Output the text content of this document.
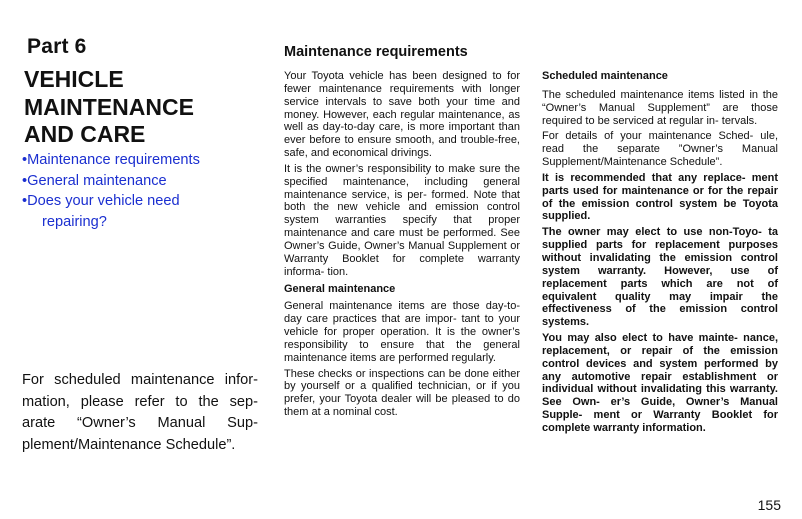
Part 6
VEHICLE
MAINTENANCE
AND CARE
•Maintenance requirements
•General maintenance
•Does your vehicle need
repairing?
For scheduled maintenance infor- mation, please refer to the sep- arate “Owner’s Manual Sup- plement/Maintenance Schedule”.
Maintenance requirements

Your Toyota vehicle has been designed to for fewer maintenance requirements with longer service intervals to save both your time and money. However, each regular maintenance, as well as day-to-day care, is more important than ever before to ensure smooth, and trouble-free, safe, and economical drivings.

It is the owner’s responsibility to make sure the specified maintenance, including general maintenance service, is per- formed. Note that both the new vehicle and emission control system warranties specify that proper maintenance and care must be performed. See Owner’s Guide, Owner’s Manual Supplement or Warranty Booklet for complete warranty informa- tion.

General maintenance

General maintenance items are those day-to-day care practices that are impor- tant to your vehicle for proper operation. It is the owner’s responsibility to ensure that the general maintenance items are performed regularly.

These checks or inspections can be done either by yourself or a qualified technician, or if you prefer, your Toyota dealer will be pleased to do them at a nominal cost.

Scheduled maintenance

The scheduled maintenance items listed in the “Owner’s Manual Supplement” are those required to be serviced at regular in- tervals.

For details of your maintenance Sched- ule, read the separate ”Owner’s Manual Supplement/Maintenance Schedule”.

It is recommended that any replace- ment parts used for maintenance or for the repair of the emission control system be Toyota supplied.

The owner may elect to use non-Toyo- ta supplied parts for replacement purposes without invalidating the emission control system warranty. However, use of replacement parts which are not of equivalent quality may impair the effectiveness of the emission control systems.

You may also elect to have mainte- nance, replacement, or repair of the emission control devices and system performed by any automotive repair establishment or individual without invalidating this warranty. See Own- er’s Guide, Owner’s Manual Supple- ment or Warranty Booklet for complete warranty information.

155
